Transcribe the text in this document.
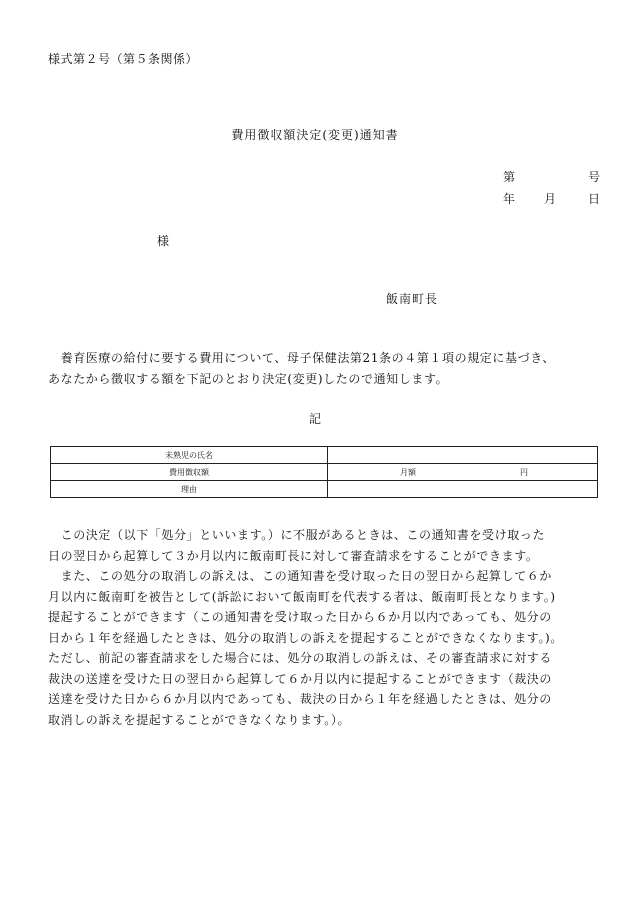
様式第２号（第５条関係）
費用徴収額決定(変更)通知書
第	号
年 月	日
様
飯南町長
　養育医療の給付に要する費用について、母子保健法第21条の４第１項の規定に基づき、
あなたから徴収する額を下記のとおり決定(変更)したので通知します。
記
未熟児の氏名	
費用徴収額	月額 円

理由	
　この決定（以下「処分」といいます。）に不服があるときは、この通知書を受け取った
日の翌日から起算して３か月以内に飯南町長に対して審査請求をすることができます。
　また、この処分の取消しの訴えは、この通知書を受け取った日の翌日から起算して６か
月以内に飯南町を被告として(訴訟において飯南町を代表する者は、飯南町長となります。)
提起することができます（この通知書を受け取った日から６か月以内であっても、処分の
日から１年を経過したときは、処分の取消しの訴えを提起することができなくなります。)。
ただし、前記の審査請求をした場合には、処分の取消しの訴えは、その審査請求に対する
裁決の送達を受けた日の翌日から起算して６か月以内に提起することができます（裁決の
送達を受けた日から６か月以内であっても、裁決の日から１年を経過したときは、処分の
取消しの訴えを提起することができなくなります。）。
